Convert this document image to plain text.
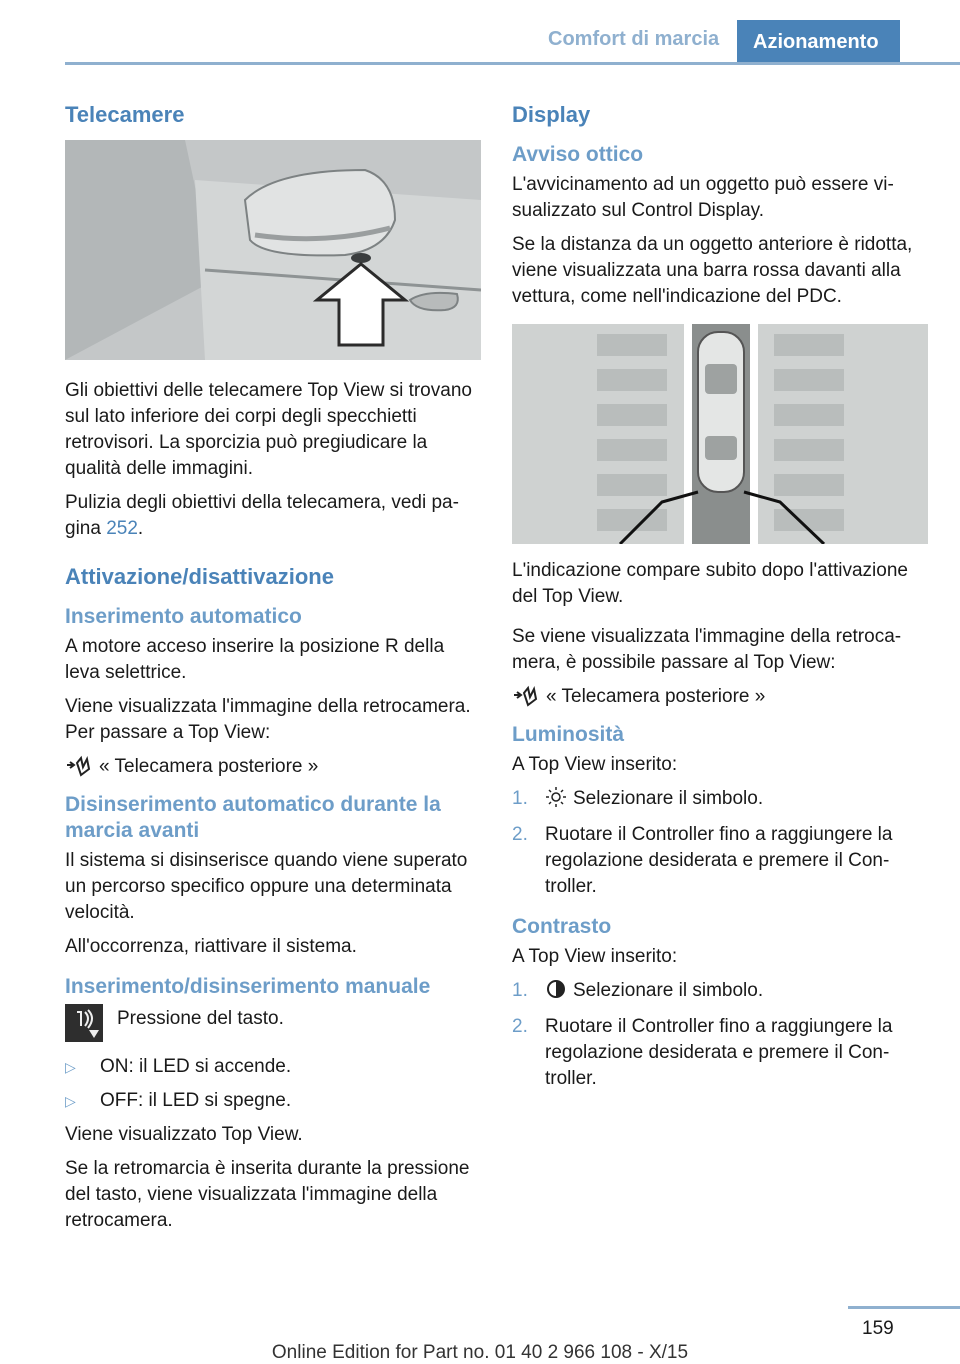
Comfort di marcia	Azionamento
Telecamere

Gli obiettivi delle telecamere Top View si trovano sul lato inferiore dei corpi degli specchietti retrovisori. La sporcizia può pregiudicare la qualità delle immagini.

Pulizia degli obiettivi della telecamera, vedi pagina 252.

Attivazione/disattivazione
Inserimento automatico

A motore acceso inserire la posizione R della leva selettrice.

Viene visualizzata l'immagine della retrocamera. Per passare a Top View:

« Telecamera posteriore »
Disinserimento automatico durante la marcia avanti

Il sistema si disinserisce quando viene superato un percorso specifico oppure una determinata velocità.

All'occorrenza, riattivare il sistema.

Inserimento/disinserimento manuale

Pressione del tasto.

▷	ON: il LED si accende.
▷	OFF: il LED si spegne.

Viene visualizzato Top View.

Se la retromarcia è inserita durante la pressione del tasto, viene visualizzata l'immagine della retrocamera.

Display
Avviso ottico

L'avvicinamento ad un oggetto può essere visualizzato sul Control Display.

Se la distanza da un oggetto anteriore è ridotta, viene visualizzata una barra rossa davanti alla vettura, come nell'indicazione del PDC.

L'indicazione compare subito dopo l'attivazione del Top View.

Se viene visualizzata l'immagine della retrocamera, è possibile passare al Top View:

« Telecamera posteriore »
Luminosità

A Top View inserito:

1.	Selezionare il simbolo.
2. Ruotare il Controller fino a raggiungere la regolazione desiderata e premere il Controller.
Contrasto

A Top View inserito:

1.	Selezionare il simbolo.
2. Ruotare il Controller fino a raggiungere la regolazione desiderata e premere il Controller.
159
Online Edition for Part no. 01 40 2 966 108 - X/15
